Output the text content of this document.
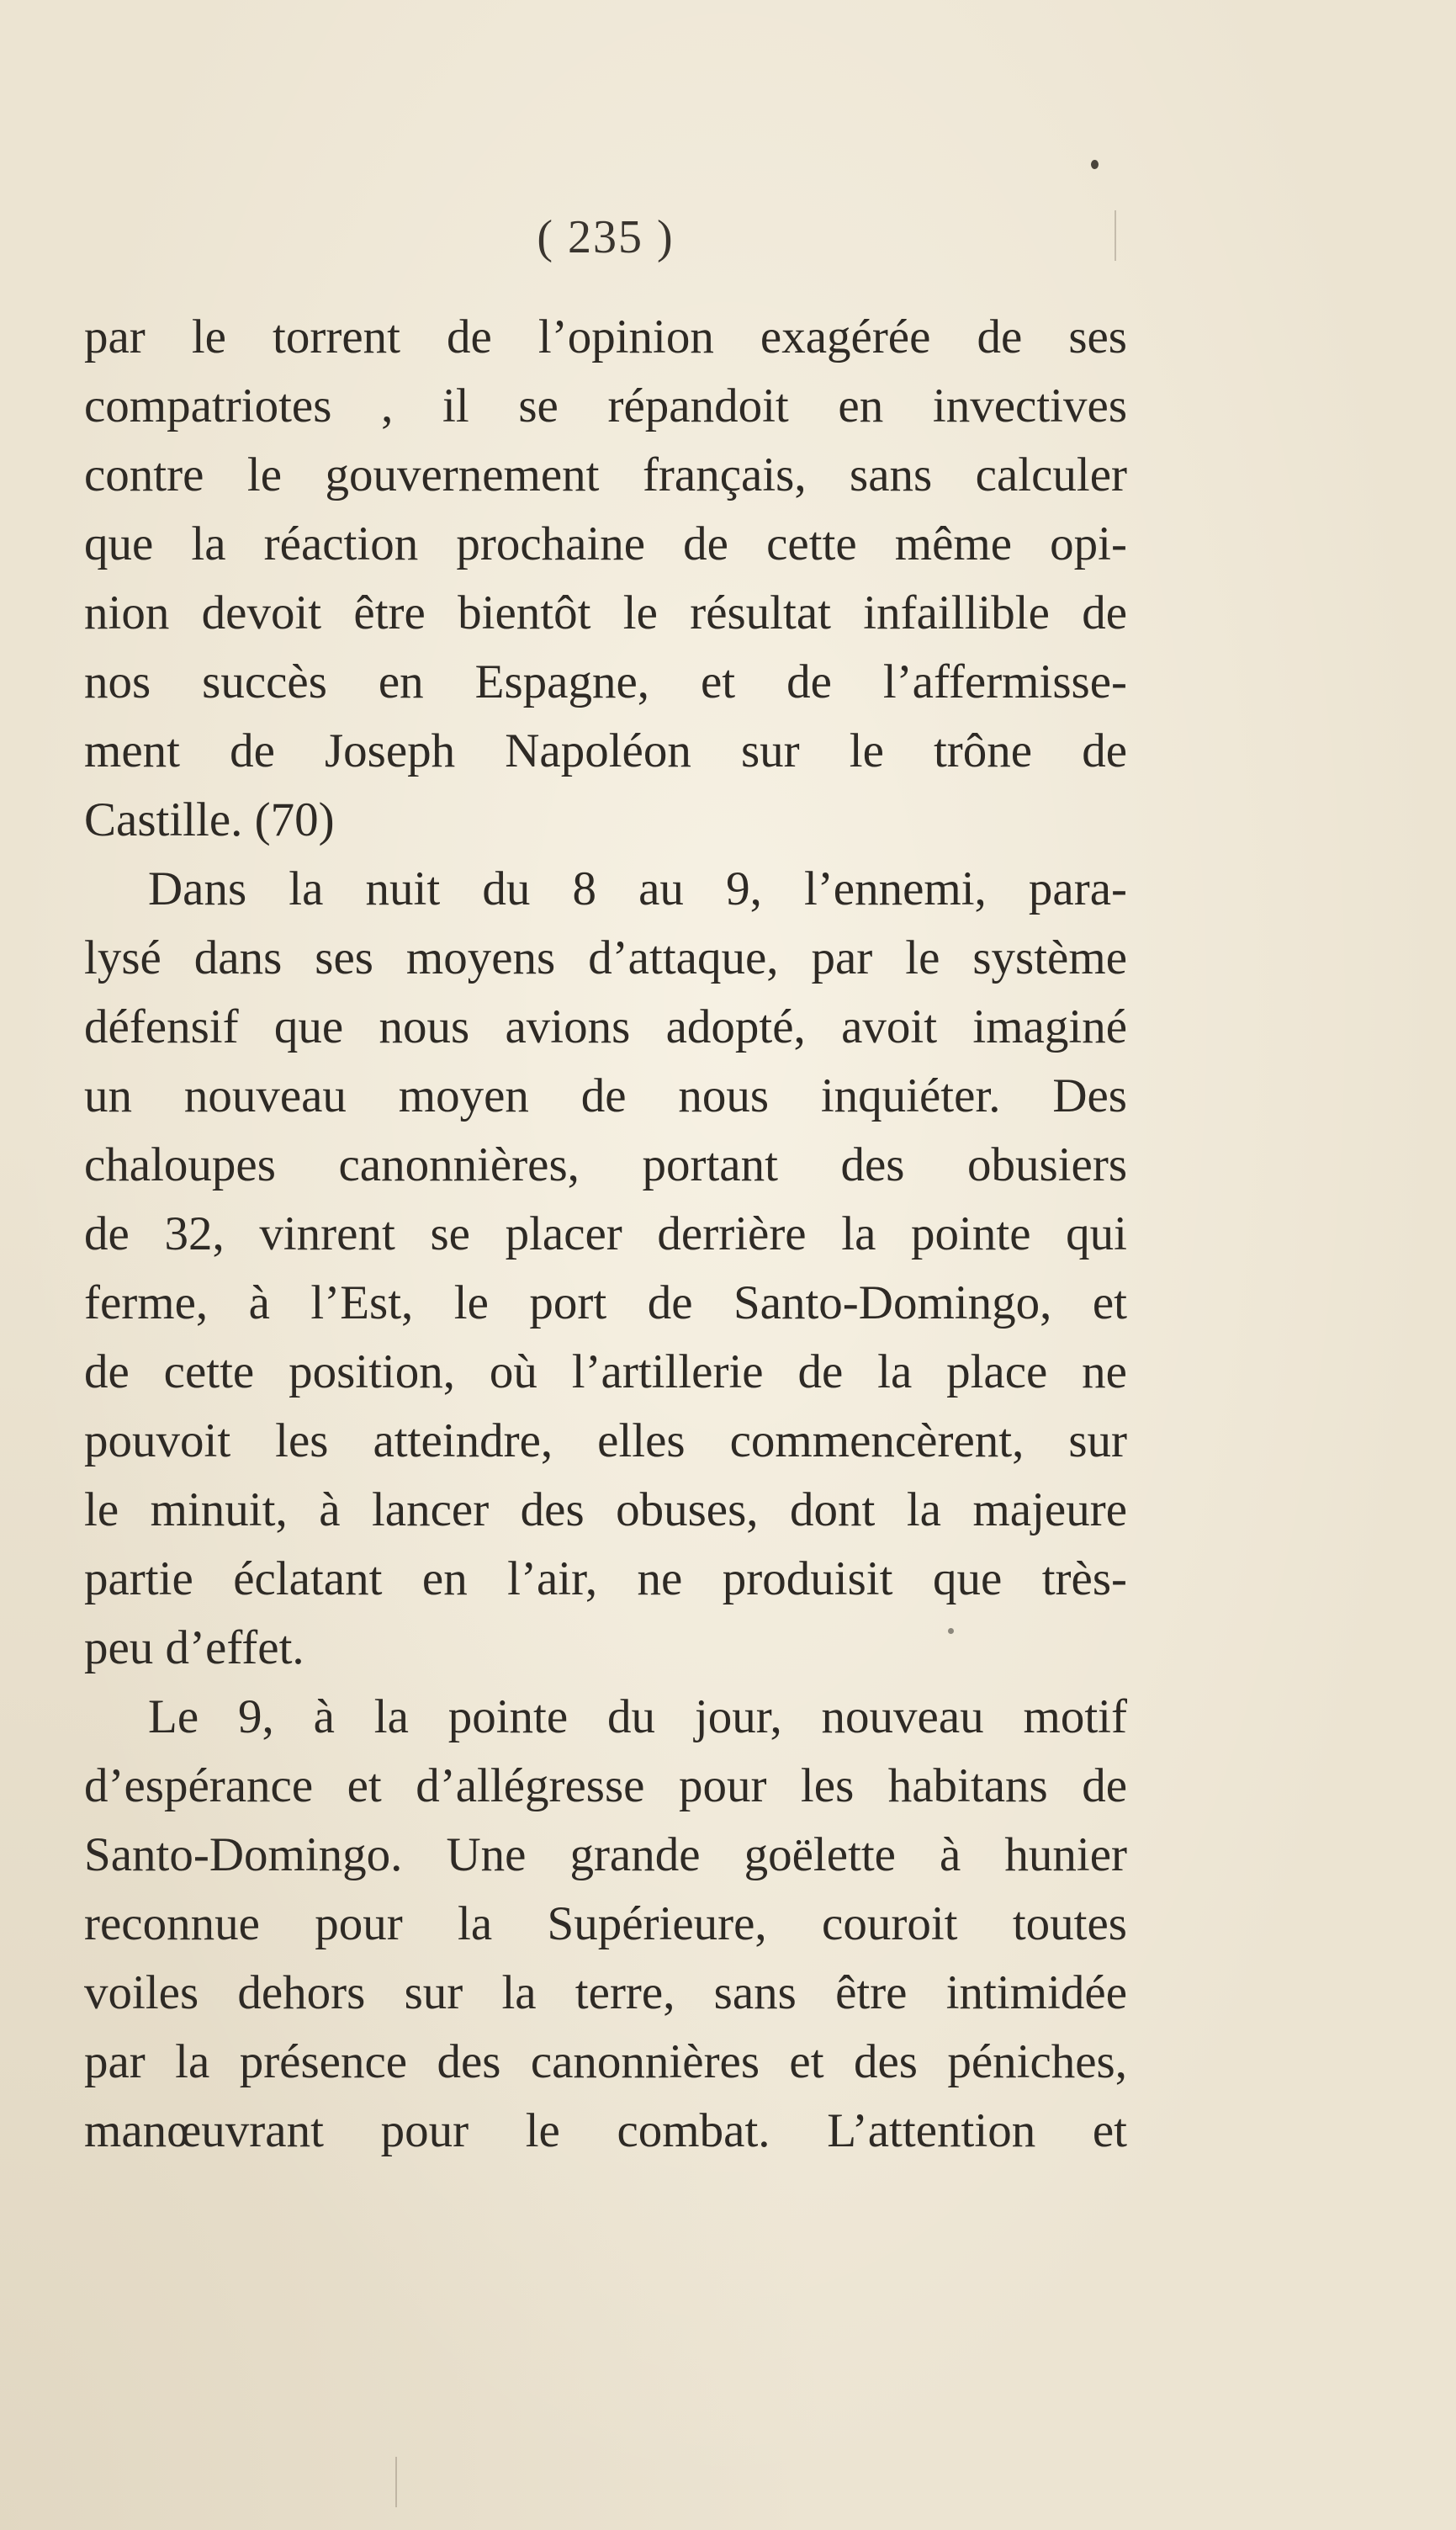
( 235 )
par le torrent de l’opinion exagérée de ses
compatriotes , il se répandoit en invectives
contre le gouvernement français, sans calculer
que la réaction prochaine de cette même opi-
nion devoit être bientôt le résultat infaillible de
nos succès en Espagne, et de l’affermisse-
ment de Joseph Napoléon sur le trône de
Castille. (70)
Dans la nuit du 8 au 9, l’ennemi, para-
lysé dans ses moyens d’attaque, par le système
défensif que nous avions adopté, avoit imaginé
un nouveau moyen de nous inquiéter. Des
chaloupes canonnières, portant des obusiers
de 32, vinrent se placer derrière la pointe qui
ferme, à l’Est, le port de Santo-Domingo, et
de cette position, où l’artillerie de la place ne
pouvoit les atteindre, elles commencèrent, sur
le minuit, à lancer des obuses, dont la majeure
partie éclatant en l’air, ne produisit que très-
peu d’effet.
Le 9, à la pointe du jour, nouveau motif
d’espérance et d’allégresse pour les habitans de
Santo-Domingo. Une grande goëlette à hunier
reconnue pour la Supérieure, couroit toutes
voiles dehors sur la terre, sans être intimidée
par la présence des canonnières et des péniches,
manœuvrant pour le combat. L’attention et
